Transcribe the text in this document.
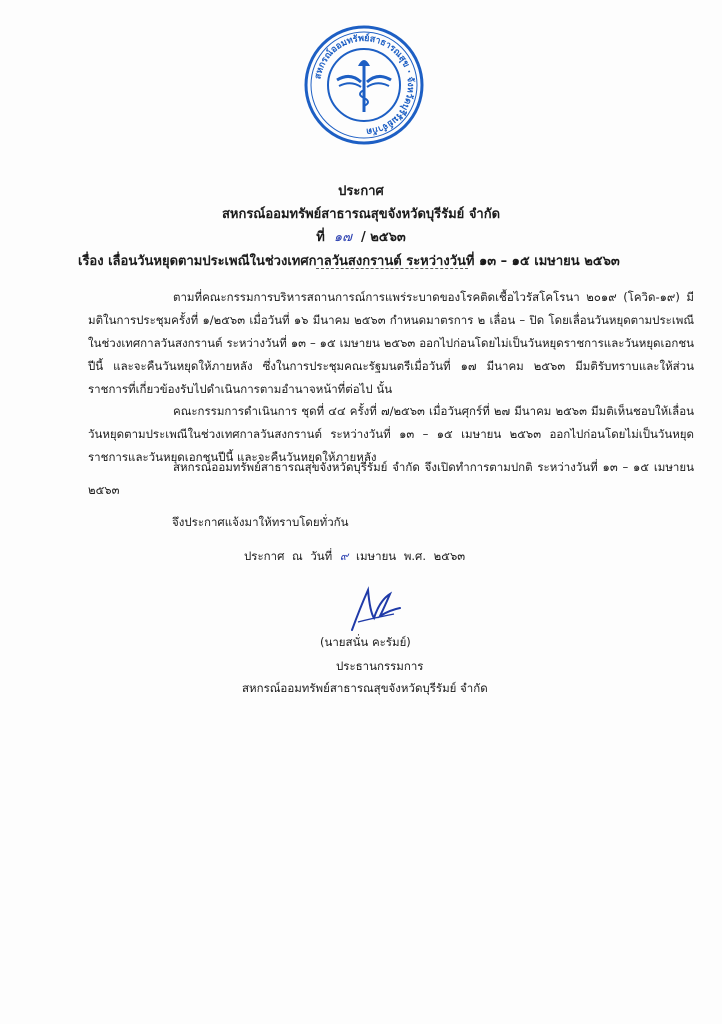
สหกรณ์ออมทรัพย์สาธารณสุข · จังหวัดบุรีรัมย์จำกัด
ประกาศ
สหกรณ์ออมทรัพย์สาธารณสุขจังหวัดบุรีรัมย์ จำกัด
ที่ ๑๗ / ๒๕๖๓
เรื่อง เลื่อนวันหยุดตามประเพณีในช่วงเทศกาลวันสงกรานต์ ระหว่างวันที่ ๑๓ – ๑๕ เมษายน ๒๕๖๓
ตามที่คณะกรรมการบริหารสถานการณ์การแพร่ระบาดของโรคติดเชื้อไวรัสโคโรนา ๒๐๑๙ (โควิด-๑๙) มีมติในการประชุมครั้งที่ ๑/๒๕๖๓ เมื่อวันที่ ๑๖ มีนาคม ๒๕๖๓ กำหนดมาตรการ ๒ เลื่อน – ปิด โดยเลื่อนวันหยุดตามประเพณีในช่วงเทศกาลวันสงกรานต์ ระหว่างวันที่ ๑๓ – ๑๕ เมษายน ๒๕๖๓ ออกไปก่อนโดยไม่เป็นวันหยุดราชการและวันหยุดเอกชนปีนี้ และจะคืนวันหยุดให้ภายหลัง ซึ่งในการประชุมคณะรัฐมนตรีเมื่อวันที่ ๑๗ มีนาคม ๒๕๖๓ มีมติรับทราบและให้ส่วนราชการที่เกี่ยวข้องรับไปดำเนินการตามอำนาจหน้าที่ต่อไป นั้น
คณะกรรมการดำเนินการ ชุดที่ ๔๔ ครั้งที่ ๗/๒๕๖๓ เมื่อวันศุกร์ที่ ๒๗ มีนาคม ๒๕๖๓ มีมติเห็นชอบให้เลื่อนวันหยุดตามประเพณีในช่วงเทศกาลวันสงกรานต์ ระหว่างวันที่ ๑๓ – ๑๕ เมษายน ๒๕๖๓ ออกไปก่อนโดยไม่เป็นวันหยุดราชการและวันหยุดเอกชนปีนี้ และจะคืนวันหยุดให้ภายหลัง
สหกรณ์ออมทรัพย์สาธารณสุขจังหวัดบุรีรัมย์ จำกัด จึงเปิดทำการตามปกติ ระหว่างวันที่ ๑๓ – ๑๕ เมษายน ๒๕๖๓
จึงประกาศแจ้งมาให้ทราบโดยทั่วกัน
ประกาศ ณ วันที่ ๙ เมษายน พ.ศ. ๒๕๖๓
(นายสนั่น คะรัมย์)
ประธานกรรมการ
สหกรณ์ออมทรัพย์สาธารณสุขจังหวัดบุรีรัมย์ จำกัด
